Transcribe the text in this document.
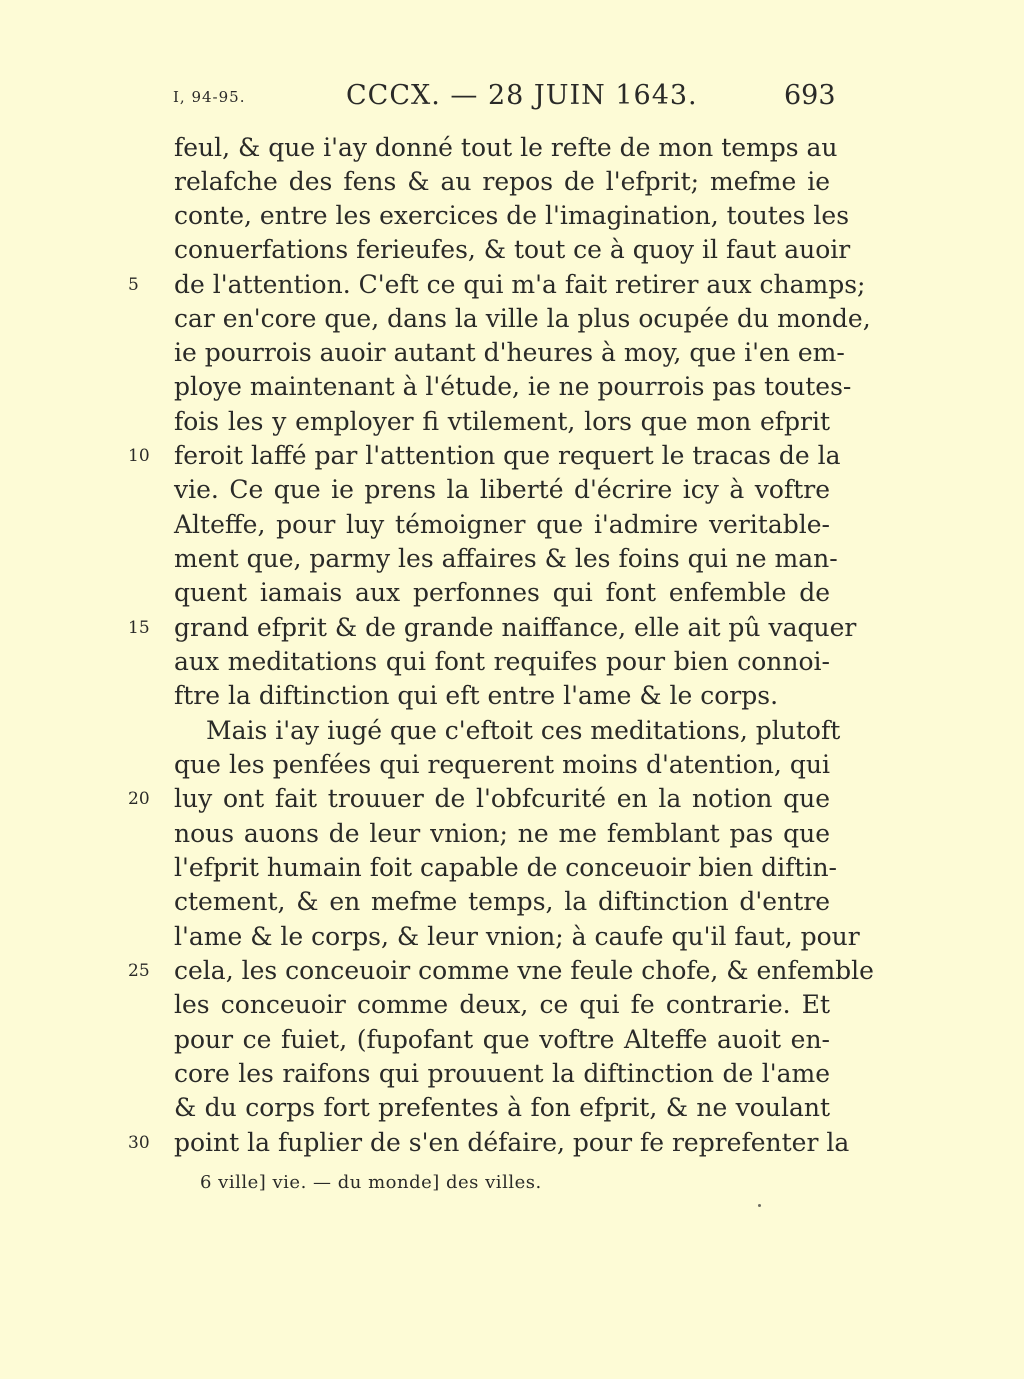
I, 94-95.	CCCX. — 28 JUIN 1643.	693
feul, & que i'ay donné tout le refte de mon temps au
relafche des fens & au repos de l'efprit; mefme ie
conte, entre les exercices de l'imagination, toutes les
conuerfations ferieufes, & tout ce à quoy il faut auoir
de l'attention. C'eft ce qui m'a fait retirer aux champs;
car en'core que, dans la ville la plus ocupée du monde,
ie pourrois auoir autant d'heures à moy, que i'en em-
ploye maintenant à l'étude, ie ne pourrois pas toutes-
fois les y employer fi vtilement, lors que mon efprit
feroit laffé par l'attention que requert le tracas de la
vie. Ce que ie prens la liberté d'écrire icy à voftre
Alteffe, pour luy témoigner que i'admire veritable-
ment que, parmy les affaires & les foins qui ne man-
quent iamais aux perfonnes qui font enfemble de
grand efprit & de grande naiffance, elle ait pû vaquer
aux meditations qui font requifes pour bien connoi-
ftre la diftinction qui eft entre l'ame & le corps.
Mais i'ay iugé que c'eftoit ces meditations, plutoft
que les penfées qui requerent moins d'atention, qui
luy ont fait trouuer de l'obfcurité en la notion que
nous auons de leur vnion; ne me femblant pas que
l'efprit humain foit capable de conceuoir bien diftin-
ctement, & en mefme temps, la diftinction d'entre
l'ame & le corps, & leur vnion; à caufe qu'il faut, pour
cela, les conceuoir comme vne feule chofe, & enfemble
les conceuoir comme deux, ce qui fe contrarie. Et
pour ce fuiet, (fupofant que voftre Alteffe auoit en-
core les raifons qui prouuent la diftinction de l'ame
& du corps fort prefentes à fon efprit, & ne voulant
point la fuplier de s'en défaire, pour fe reprefenter la
5
10
15
20
25
30
6 ville] vie. — du monde] des villes.
